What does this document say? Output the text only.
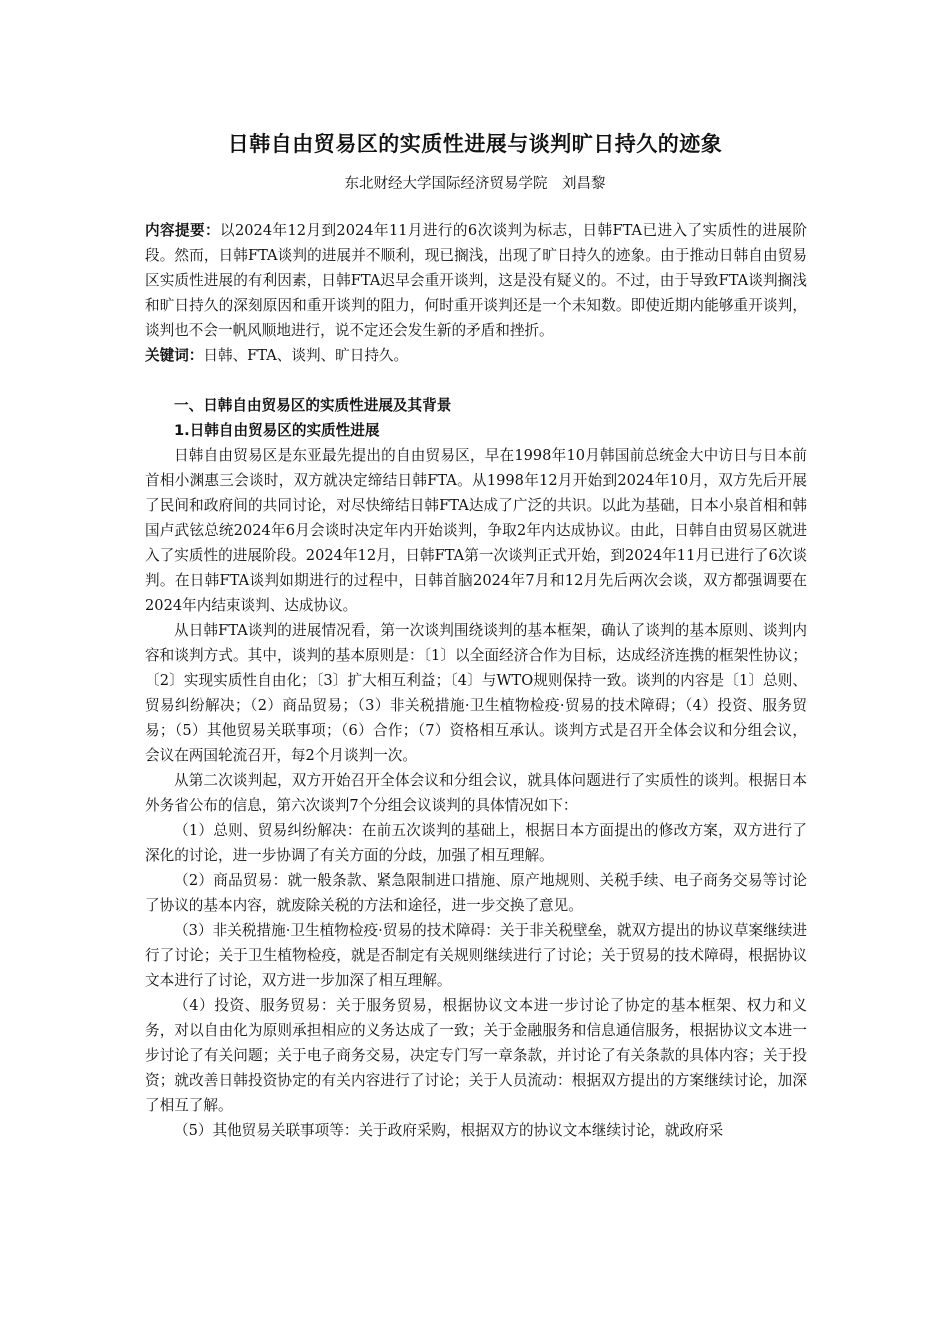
日韩自由贸易区的实质性进展与谈判旷日持久的迹象

东北财经大学国际经济贸易学院　刘昌黎

内容提要：以2024年12月到2024年11月进行的6次谈判为标志，日韩FTA已进入了实质性的进展阶段。然而，日韩FTA谈判的进展并不顺利，现已搁浅，出现了旷日持久的迹象。由于推动日韩自由贸易区实质性进展的有利因素，日韩FTA迟早会重开谈判，这是没有疑义的。不过，由于导致FTA谈判搁浅和旷日持久的深刻原因和重开谈判的阻力，何时重开谈判还是一个未知数。即使近期内能够重开谈判，谈判也不会一帆风顺地进行，说不定还会发生新的矛盾和挫折。

关键词：日韩、FTA、谈判、旷日持久。

一、日韩自由贸易区的实质性进展及其背景

1.日韩自由贸易区的实质性进展

日韩自由贸易区是东亚最先提出的自由贸易区，早在1998年10月韩国前总统金大中访日与日本前首相小渊惠三会谈时，双方就决定缔结日韩FTA。从1998年12月开始到2024年10月，双方先后开展了民间和政府间的共同讨论，对尽快缔结日韩FTA达成了广泛的共识。以此为基础，日本小泉首相和韩国卢武铉总统2024年6月会谈时决定年内开始谈判，争取2年内达成协议。由此，日韩自由贸易区就进入了实质性的进展阶段。2024年12月，日韩FTA第一次谈判正式开始，到2024年11月已进行了6次谈判。在日韩FTA谈判如期进行的过程中，日韩首脑2024年7月和12月先后两次会谈，双方都强调要在2024年内结束谈判、达成协议。

从日韩FTA谈判的进展情况看，第一次谈判围绕谈判的基本框架，确认了谈判的基本原则、谈判内容和谈判方式。其中，谈判的基本原则是：〔1〕以全面经济合作为目标，达成经济连携的框架性协议；〔2〕实现实质性自由化；〔3〕扩大相互利益；〔4〕与WTO规则保持一致。谈判的内容是〔1〕总则、贸易纠纷解决；（2）商品贸易；（3）非关税措施·卫生植物检疫·贸易的技术障碍；（4）投资、服务贸易；（5）其他贸易关联事项；（6）合作；（7）资格相互承认。谈判方式是召开全体会议和分组会议，会议在两国轮流召开，每2个月谈判一次。

从第二次谈判起，双方开始召开全体会议和分组会议，就具体问题进行了实质性的谈判。根据日本外务省公布的信息，第六次谈判7个分组会议谈判的具体情况如下：

（1）总则、贸易纠纷解决：在前五次谈判的基础上，根据日本方面提出的修改方案，双方进行了深化的讨论，进一步协调了有关方面的分歧，加强了相互理解。

（2）商品贸易：就一般条款、紧急限制进口措施、原产地规则、关税手续、电子商务交易等讨论了协议的基本内容，就废除关税的方法和途径，进一步交换了意见。

（3）非关税措施·卫生植物检疫·贸易的技术障碍：关于非关税壁垒，就双方提出的协议草案继续进行了讨论；关于卫生植物检疫，就是否制定有关规则继续进行了讨论；关于贸易的技术障碍，根据协议文本进行了讨论，双方进一步加深了相互理解。

（4）投资、服务贸易：关于服务贸易，根据协议文本进一步讨论了协定的基本框架、权力和义务，对以自由化为原则承担相应的义务达成了一致；关于金融服务和信息通信服务，根据协议文本进一步讨论了有关问题；关于电子商务交易，决定专门写一章条款，并讨论了有关条款的具体内容；关于投资；就改善日韩投资协定的有关内容进行了讨论；关于人员流动：根据双方提出的方案继续讨论，加深了相互了解。

（5）其他贸易关联事项等：关于政府采购，根据双方的协议文本继续讨论，就政府采
